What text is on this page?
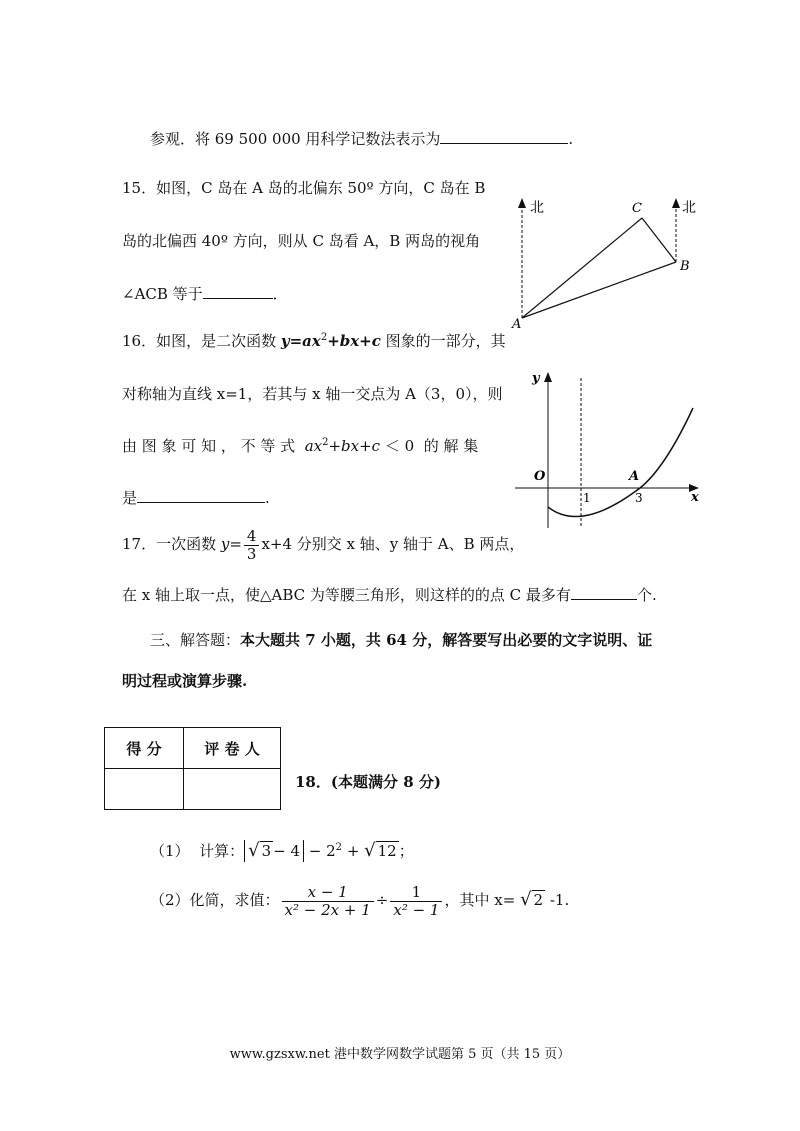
参观．将 69 500 000 用科学记数法表示为	.
15．如图，C 岛在 A 岛的北偏东 50º 方向，C 岛在 B
岛的北偏西 40º 方向，则从 C 岛看 A，B 两岛的视角
∠ACB 等于	．
北	北
A
C
B
16．如图，是二次函数 $y=ax^2+bx+c$ 图象的一部分，其
对称轴为直线 x=1，若其与 x 轴一交点为 A（3，0），则
由 图 象 可 知 ， 不 等 式  $ax^2+bx+c < 0$  的 解 集
是	.
y
x
O
1	3
A
17．一次函数 $y= \frac{4}{3} x+4$ 分别交 x 轴、y 轴于 A、B 两点，
在 x 轴上取一点，使△ABC 为等腰三角形，则这样的的点 C 最多有	个.
三、解答题：本大题共 7 小题，共 64 分，解答要写出必要的文字说明、证
明过程或演算步骤.
得 分	评 卷 人

18．(本题满分 8 分)
（1）  计算： √ $3 - 4 - 2^2$ + √ 12 ；
（2）化简，求值： $\frac{x - 1}{\text{x² − 2x + 1}} \div \frac{1}{\text{x² − 1}}$ ，其中 x= √ 2 -1.
www.gzsxw.net 港中数学网数学试题第 5 页（共 15 页）
